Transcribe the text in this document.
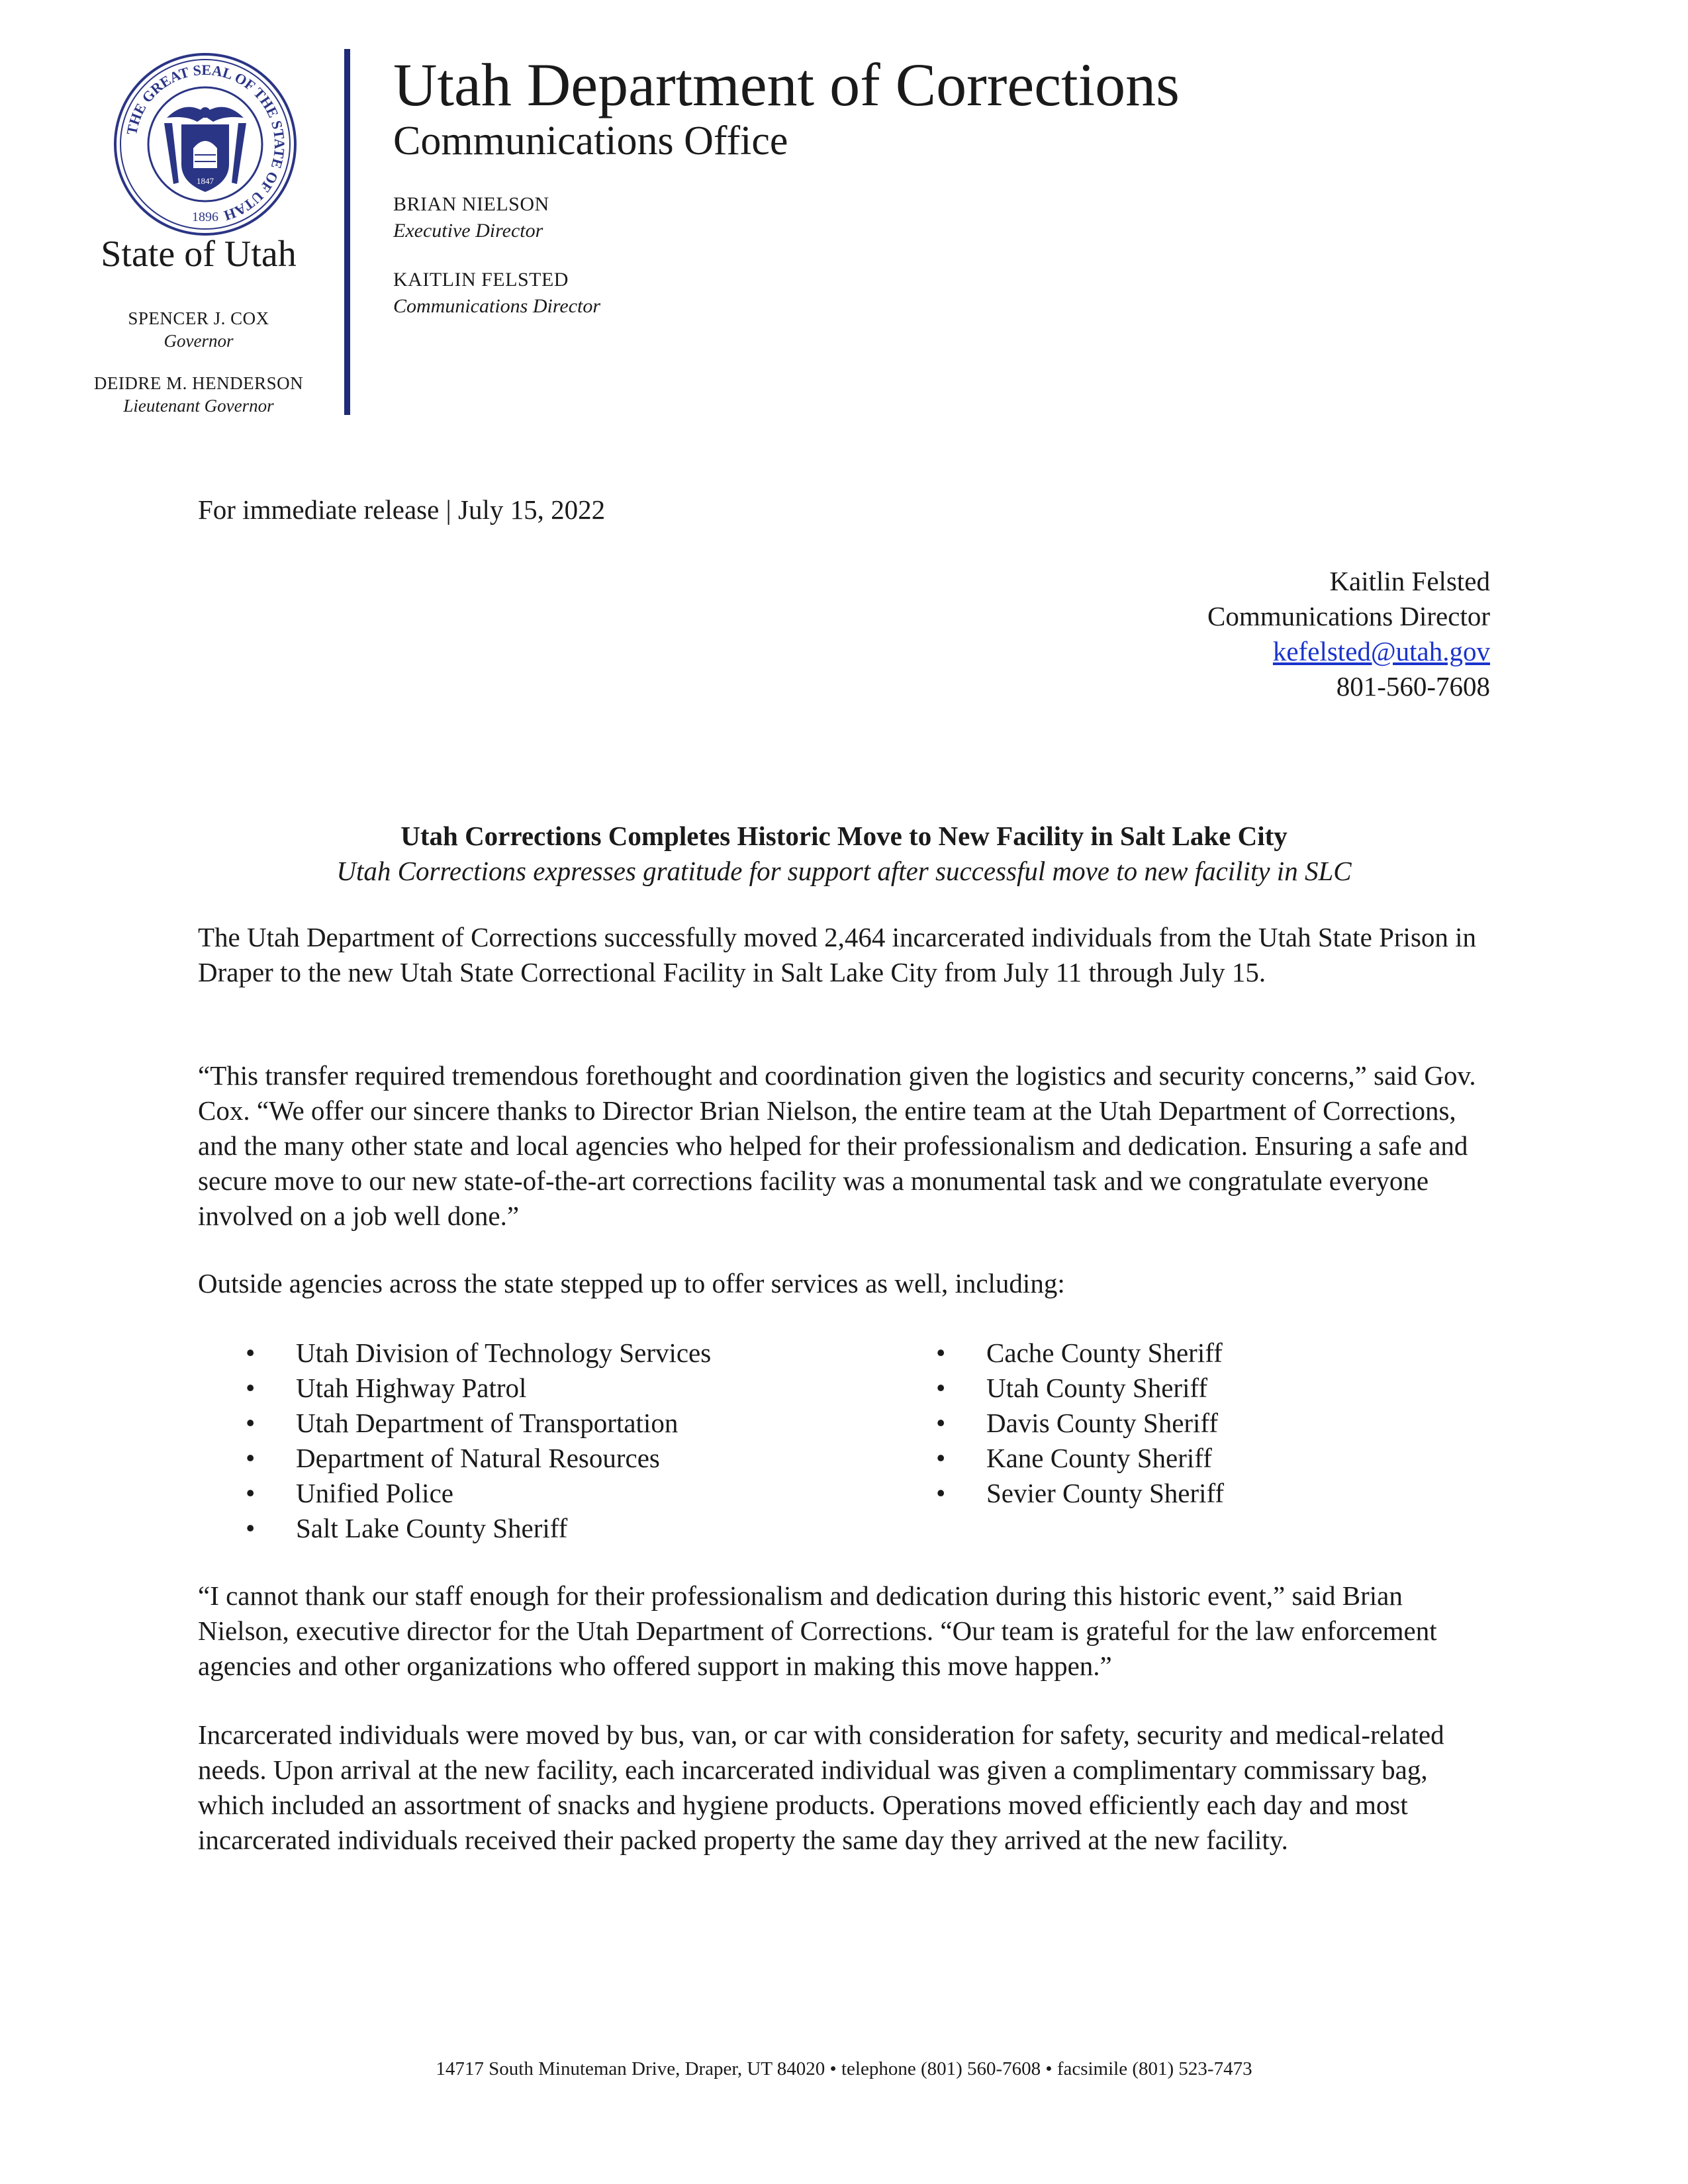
THE GREAT SEAL OF THE STATE OF UTAH
1896
1847
State of Utah
SPENCER J. COX
Governor
DEIDRE M. HENDERSON
Lieutenant Governor
Utah Department of Corrections
Communications Office
BRIAN NIELSON
Executive Director
KAITLIN FELSTED
Communications Director
For immediate release | July 15, 2022
Kaitlin Felsted
Communications Director
kefelsted@utah.gov
801-560-7608
Utah Corrections Completes Historic Move to New Facility in Salt Lake City
Utah Corrections expresses gratitude for support after successful move to new facility in SLC

The Utah Department of Corrections successfully moved 2,464 incarcerated individuals from the Utah State Prison in Draper to the new Utah State Correctional Facility in Salt Lake City from July 11 through July 15.

“This transfer required tremendous forethought and coordination given the logistics and security concerns,” said Gov. Cox. “We offer our sincere thanks to Director Brian Nielson, the entire team at the Utah Department of Corrections, and the many other state and local agencies who helped for their professionalism and dedication. Ensuring a safe and secure move to our new state-of-the-art corrections facility was a monumental task and we congratulate everyone involved on a job well done.”

Outside agencies across the state stepped up to offer services as well, including:

• Utah Division of Technology Services
• Utah Highway Patrol
• Utah Department of Transportation
• Department of Natural Resources
• Unified Police
• Salt Lake County Sheriff
• Cache County Sheriff
• Utah County Sheriff
• Davis County Sheriff
• Kane County Sheriff
• Sevier County Sheriff

“I cannot thank our staff enough for their professionalism and dedication during this historic event,” said Brian Nielson, executive director for the Utah Department of Corrections. “Our team is grateful for the law enforcement agencies and other organizations who offered support in making this move happen.”

Incarcerated individuals were moved by bus, van, or car with consideration for safety, security and medical-related needs. Upon arrival at the new facility, each incarcerated individual was given a complimentary commissary bag, which included an assortment of snacks and hygiene products. Operations moved efficiently each day and most incarcerated individuals received their packed property the same day they arrived at the new facility.

14717 South Minuteman Drive, Draper, UT 84020 • telephone (801) 560-7608 • facsimile (801) 523-7473
